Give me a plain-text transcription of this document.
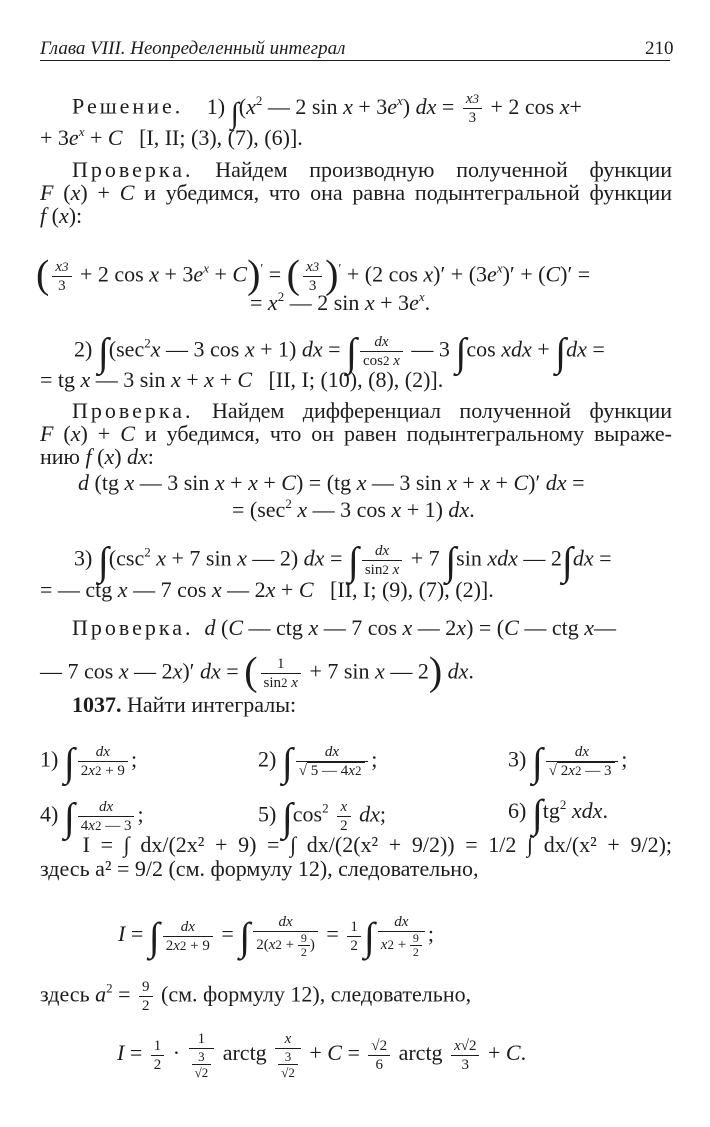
Глава VIII. Неопределенный интеграл	210
Решение. 1) $\int(x^2$ — 2 $\sin x + 3e^x$) dx = $\frac{x3}{3} + 2$ cos x+
+ $3e^x + C$   [I, II; (3), (7), (6)].
Проверка. Найдем производную полученной функции
F (x) + C и убедимся, что она равна подынтегральной функции
f (x):
( $\frac{x3}{3} + 2$ $\cos x + 3e^x + C)'$ = ( $\frac{x3}{3} )' + (2$ $\cos x)' + (3e^x)' + (C)'$ =
= $x^2$ — 2 $\sin x + 3e^x$.
2) $\int(\sec^2x$ — 3 cos x + 1) dx = ∫ $\frac{dx}{\cos 2 x}$ — 3 ∫cos xdx + ∫dx =
= tg x — 3 sin x + x + C   [II, I; (10), (8), (2)].
Проверка. Найдем дифференциал полученной функции
F (x) + C и убедимся, что он равен подынтегральному выраже-
нию f (x) dx:
d (tg x — 3 sin x + x + C) = (tg x — 3 sin x + x + C)′ dx =
= ($\sec^2$ x — 3 cos x + 1) dx.
3) $\int(\csc^2$ x + 7 sin x — 2) dx = ∫ $\frac{dx}{\sin 2 x} + 7$ ∫sin xdx — 2∫dx =
= — ctg x — 7 cos x — 2x + C   [II, I; (9), (7), (2)].
Проверка. d (C — ctg x — 7 cos x — 2x) = (C — ctg x—
— 7 cos x — 2x)′ dx = ( $\frac{1}{\sin 2 x} + 7$ sin x — 2) dx.
1037. Найти интегралы:
1) ∫ $\frac{dx}{2x2 + 9}$ ;	2) ∫ $\frac{dx}{√ 5 — 4x2}$ ;	3) ∫ $\frac{dx}{√ 2x2 — 3}$ ;
4) ∫ $\frac{dx}{4x2 — 3}$ ;	5) $\int\cos^2 \frac{x}{2}$ dx;	6) $\int tg^2$ xdx.
I = ∫ dx/(2x² + 9) = ∫ dx/(2(x² + 9/2)) = 1/2 ∫ dx/(x² + 9/2);
здесь a² = 9/2 (см. формулу 12), следовательно,
I = ∫ $\frac{dx}{2x2 + 9}$ = ∫ $\frac{dx}{2(x2 + \frac{9}{2} )} = \frac{1}{2}$ ∫ $\frac{dx}{x2 + \frac{9}{2}}$ ;
здесь $a^2 = \frac{9}{2} (см$. формулу 12), следовательно,
$I = \frac{1}{2} \cdot \frac{1}{\frac{3}{√2}}$ arctg $\frac{x}{\frac{3}{√2}} + C = \frac{√2}{6}$ arctg $\frac{x√2}{3} + C$.
